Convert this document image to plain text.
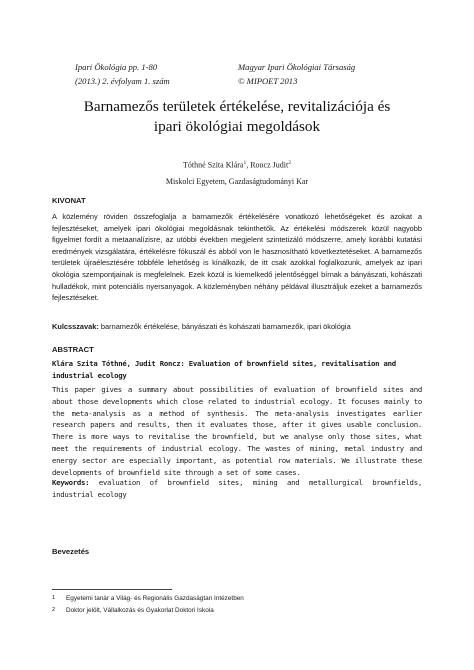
Ipari Ökológia pp. 1-80
(2013.) 2. évfolyam 1. szám
Magyar Ipari Ökológiai Társaság
© MIPOET 2013
Barnamezős területek értékelése, revitalizációja és
ipari ökológiai megoldások
Tóthné Szita Klára$^1$, Roncz Judit$^2$
Miskolci Egyetem, Gazdaságtudományi Kar
KIVONAT
A közlemény röviden összefoglalja a barnamezők értékelésére vonatkozó lehetőségeket és azokat a fejlesztéseket, amelyek ipari ökológiai megoldásnak tekinthetők. Az értékelési módszerek közül nagyobb figyelmet fordít a metaanalízisre, az utóbbi években megjelent szintetizáló módszerre, amely korábbi kutatási eredmények vizsgálatára, értékelésre fókuszál és abból von le hasznosítható következtetéseket. A barnamezős területek újraélesztésére többféle lehetőség is kínálkozik, de itt csak azokkal foglalkozunk, amelyek az ipari ökológia szempontjainak is megfelelnek. Ezek közül is kiemelkedő jelentőséggel bírnak a bányászati, kohászati hulladékok, mint potenciális nyersanyagok. A közleményben néhány példával illusztráljuk ezeket a barnamezős fejlesztéseket.
Kulcsszavak: barnamezők értékelése, bányászati és kohászati barnamezők, ipari ökológia
ABSTRACT
Klára Szita Tóthné, Judit Roncz: Evaluation of brownfield sites, revitalisation and industrial ecology
This paper gives a summary about possibilities of evaluation of brownfield sites and about those developments which close related to industrial ecology. It focuses mainly to the meta-analysis as a method of synthesis. The meta-analysis investigates earlier research papers and results, then it evaluates those, after it gives usable conclusion. There is more ways to revitalise the brownfield, but we analyse only those sites, what meet the requirements of industrial ecology. The wastes of mining, metal industry and energy sector are especially important, as potential row materials. We illustrate these developments of brownfield site through a set of some cases.
Keywords: evaluation of brownfield sites, mining and metallurgical brownfields, industrial ecology
Bevezetés
1 Egyetemi tanár a Világ- és Regionális Gazdaságtan Intézetben
2 Doktor jelölt, Vállalkozás és Gyakorlat Doktori Iskola
